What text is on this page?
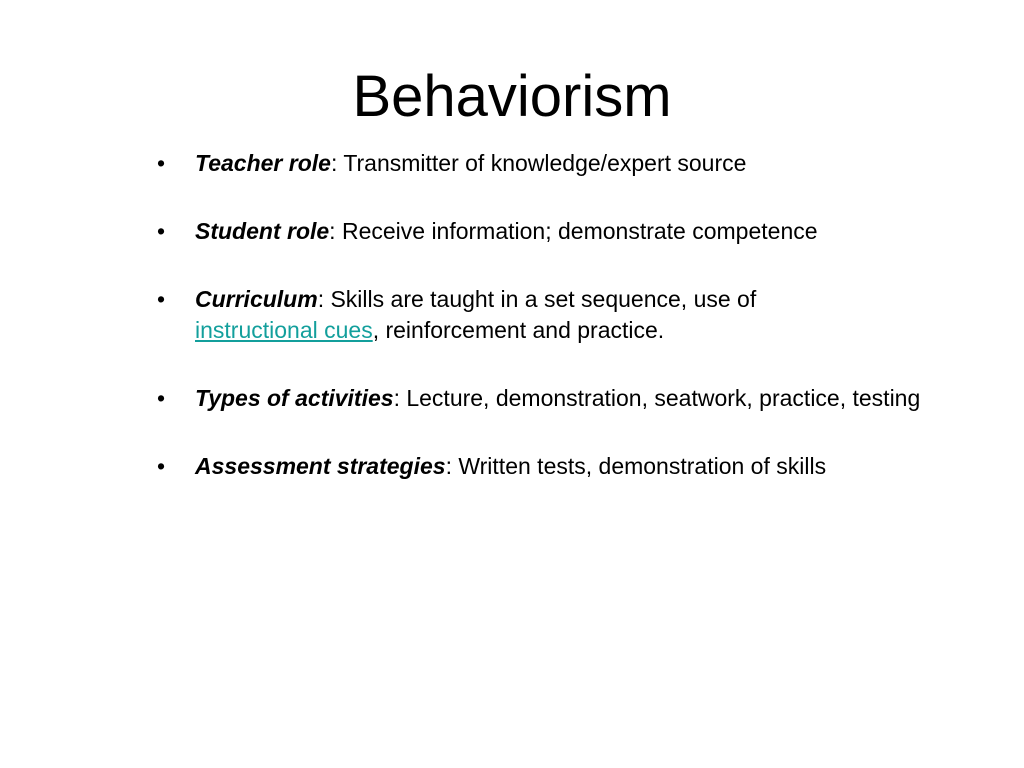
Behaviorism
• Teacher role: Transmitter of knowledge/expert source
• Student role: Receive information; demonstrate competence
• Curriculum: Skills are taught in a set sequence, use of
instructional cues, reinforcement and practice.
• Types of activities: Lecture, demonstration, seatwork, practice, testing
• Assessment strategies: Written tests, demonstration of skills
